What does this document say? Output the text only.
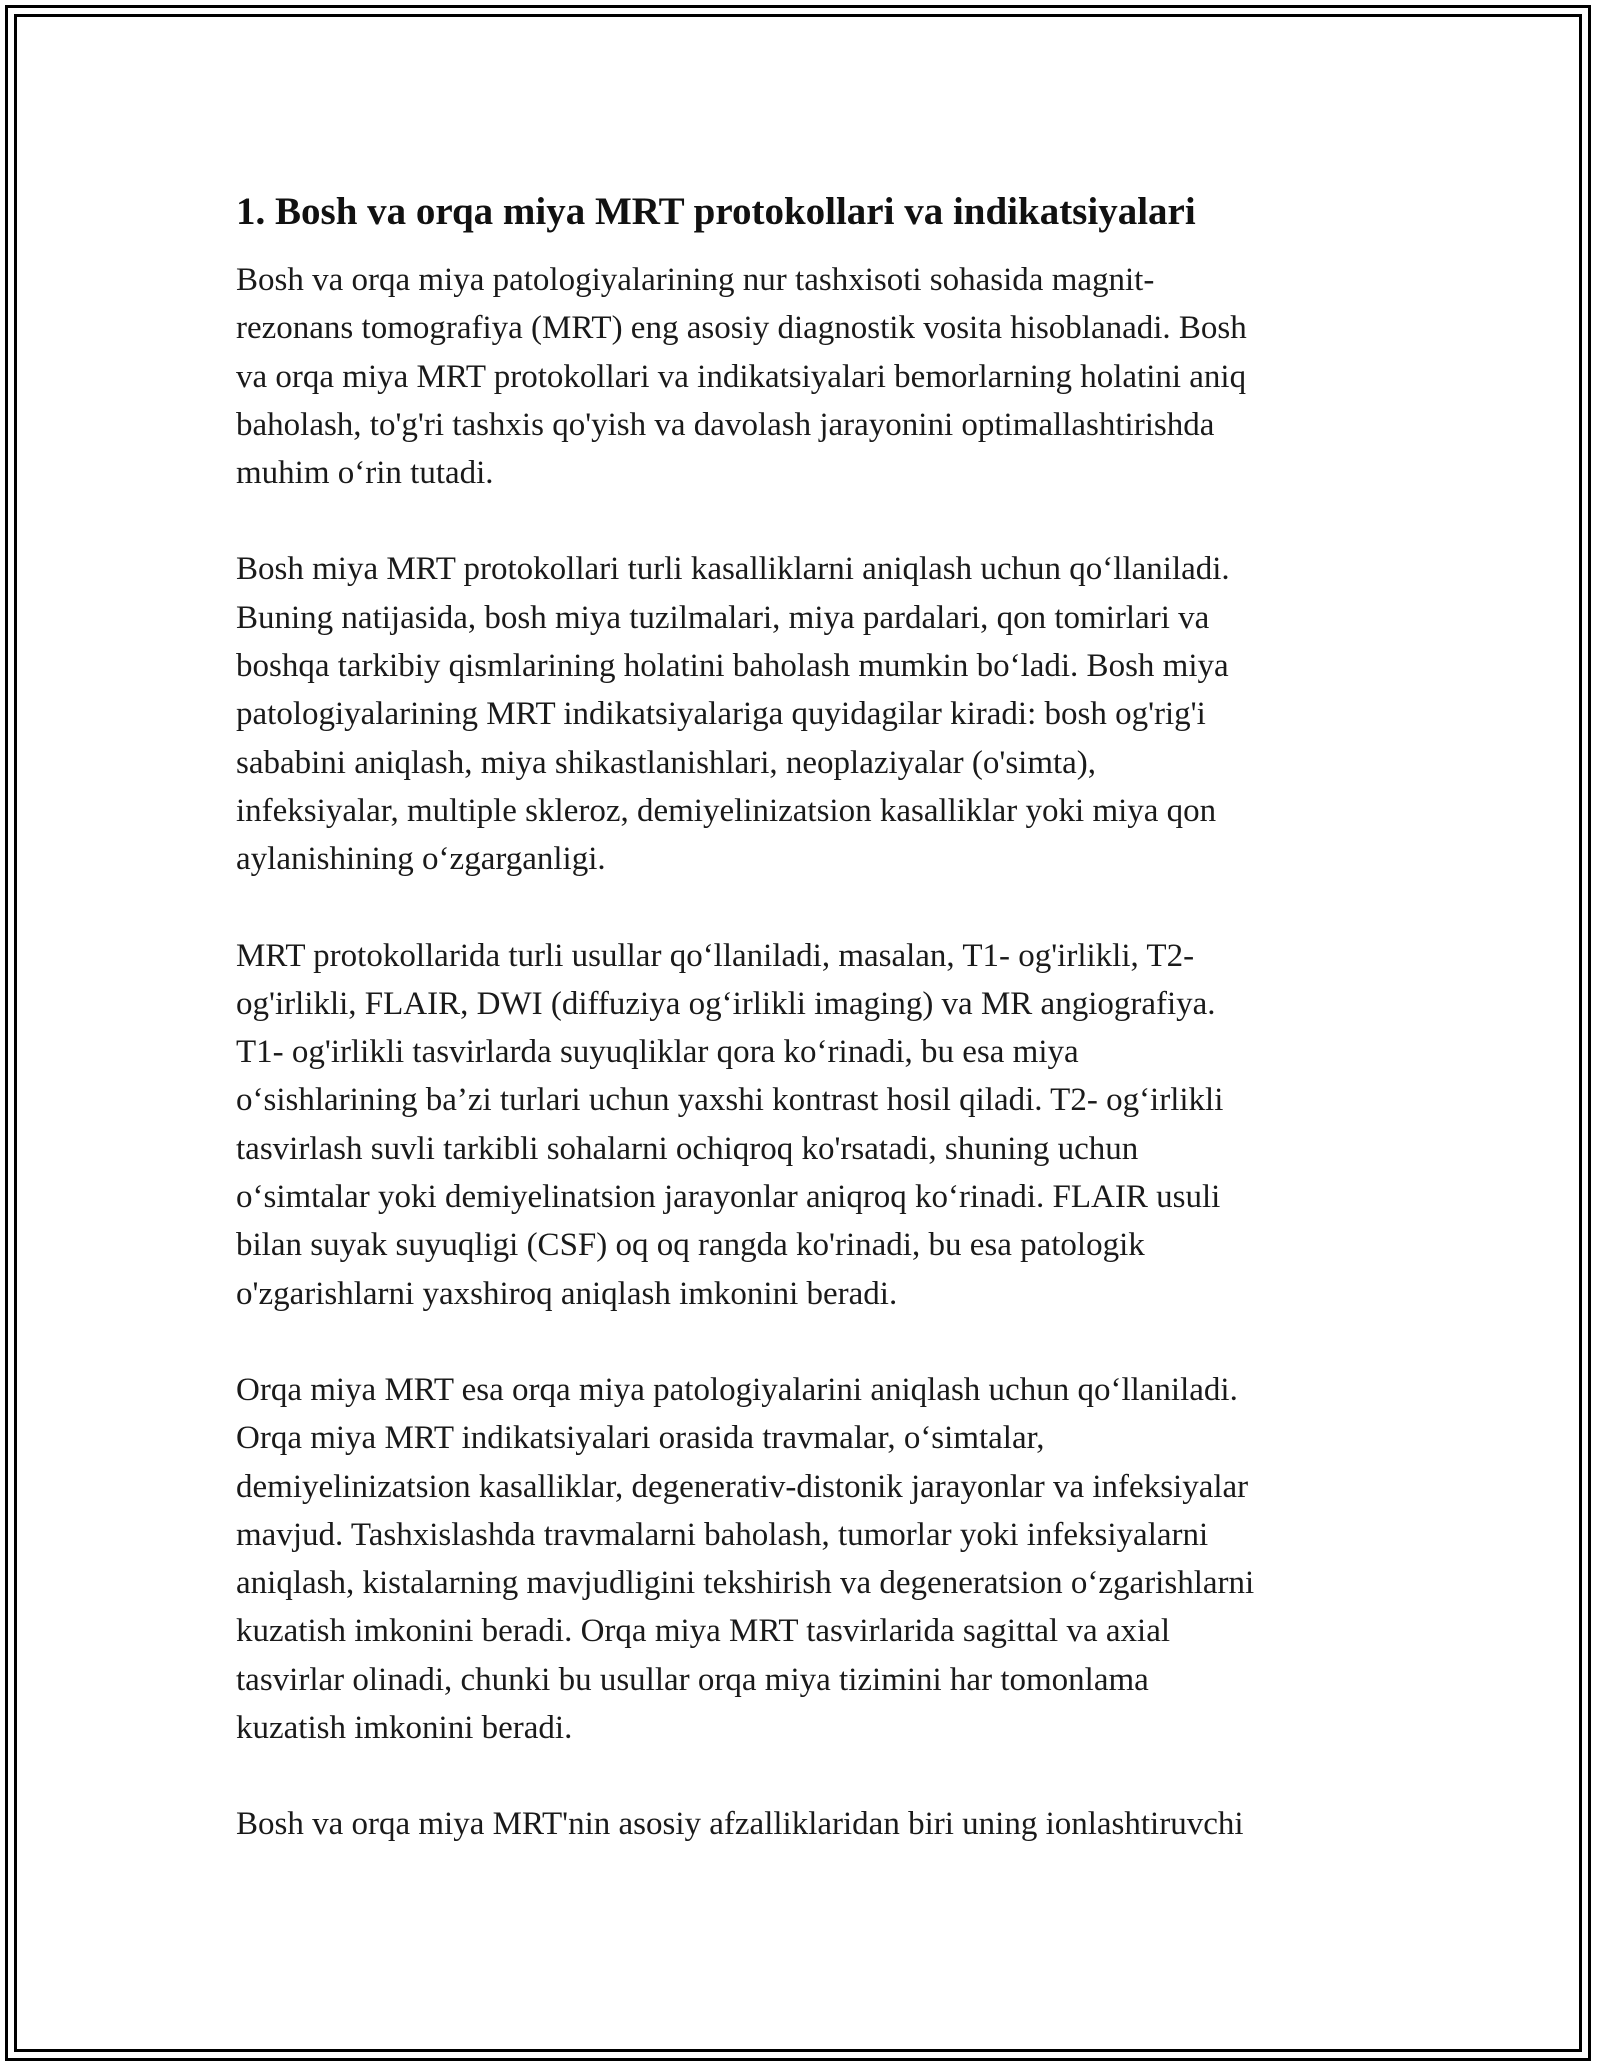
1. Bosh va orqa miya MRT protokollari va indikatsiyalari
Bosh va orqa miya patologiyalarining nur tashxisoti sohasida magnit-
rezonans tomografiya (MRT) eng asosiy diagnostik vosita hisoblanadi. Bosh
va orqa miya MRT protokollari va indikatsiyalari bemorlarning holatini aniq
baholash, to'g'ri tashxis qo'yish va davolash jarayonini optimallashtirishda
muhim o‘rin tutadi.
Bosh miya MRT protokollari turli kasalliklarni aniqlash uchun qo‘llaniladi.
Buning natijasida, bosh miya tuzilmalari, miya pardalari, qon tomirlari va
boshqa tarkibiy qismlarining holatini baholash mumkin bo‘ladi. Bosh miya
patologiyalarining MRT indikatsiyalariga quyidagilar kiradi: bosh og'rig'i
sababini aniqlash, miya shikastlanishlari, neoplaziyalar (o'simta),
infeksiyalar, multiple skleroz, demiyelinizatsion kasalliklar yoki miya qon
aylanishining o‘zgarganligi.
MRT protokollarida turli usullar qo‘llaniladi, masalan, T1- og'irlikli, T2-
og'irlikli, FLAIR, DWI (diffuziya og‘irlikli imaging) va MR angiografiya.
T1- og'irlikli tasvirlarda suyuqliklar qora ko‘rinadi, bu esa miya
o‘sishlarining ba’zi turlari uchun yaxshi kontrast hosil qiladi. T2- og‘irlikli
tasvirlash suvli tarkibli sohalarni ochiqroq ko'rsatadi, shuning uchun
o‘simtalar yoki demiyelinatsion jarayonlar aniqroq ko‘rinadi. FLAIR usuli
bilan suyak suyuqligi (CSF) oq oq rangda ko'rinadi, bu esa patologik
o'zgarishlarni yaxshiroq aniqlash imkonini beradi.
Orqa miya MRT esa orqa miya patologiyalarini aniqlash uchun qo‘llaniladi.
Orqa miya MRT indikatsiyalari orasida travmalar, o‘simtalar,
demiyelinizatsion kasalliklar, degenerativ-distonik jarayonlar va infeksiyalar
mavjud. Tashxislashda travmalarni baholash, tumorlar yoki infeksiyalarni
aniqlash, kistalarning mavjudligini tekshirish va degeneratsion o‘zgarishlarni
kuzatish imkonini beradi. Orqa miya MRT tasvirlarida sagittal va axial
tasvirlar olinadi, chunki bu usullar orqa miya tizimini har tomonlama
kuzatish imkonini beradi.
Bosh va orqa miya MRT'nin asosiy afzalliklaridan biri uning ionlashtiruvchi
